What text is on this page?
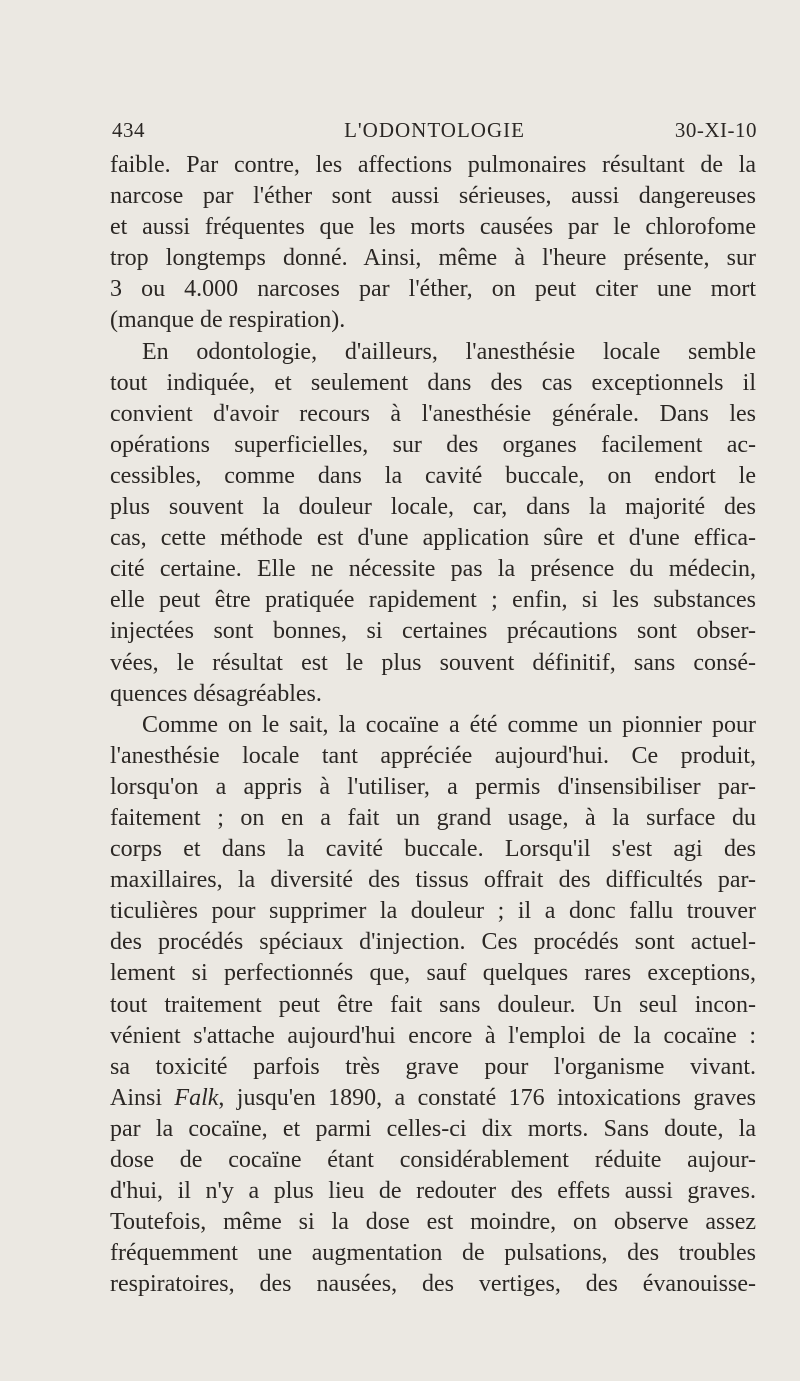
434	L'ODONTOLOGIE	30-XI-10
faible. Par contre, les affections pulmonaires résultant de la
narcose par l'éther sont aussi sérieuses, aussi dangereuses
et aussi fréquentes que les morts causées par le chlorofome
trop longtemps donné. Ainsi, même à l'heure présente, sur
3 ou 4.000 narcoses par l'éther, on peut citer une mort
(manque de respiration).
En odontologie, d'ailleurs, l'anesthésie locale semble
tout indiquée, et seulement dans des cas exceptionnels il
convient d'avoir recours à l'anesthésie générale. Dans les
opérations superficielles, sur des organes facilement ac-
cessibles, comme dans la cavité buccale, on endort le
plus souvent la douleur locale, car, dans la majorité des
cas, cette méthode est d'une application sûre et d'une effica-
cité certaine. Elle ne nécessite pas la présence du médecin,
elle peut être pratiquée rapidement ; enfin, si les substances
injectées sont bonnes, si certaines précautions sont obser-
vées, le résultat est le plus souvent définitif, sans consé-
quences désagréables.
Comme on le sait, la cocaïne a été comme un pionnier pour
l'anesthésie locale tant appréciée aujourd'hui. Ce produit,
lorsqu'on a appris à l'utiliser, a permis d'insensibiliser par-
faitement ; on en a fait un grand usage, à la surface du
corps et dans la cavité buccale. Lorsqu'il s'est agi des
maxillaires, la diversité des tissus offrait des difficultés par-
ticulières pour supprimer la douleur ; il a donc fallu trouver
des procédés spéciaux d'injection. Ces procédés sont actuel-
lement si perfectionnés que, sauf quelques rares exceptions,
tout traitement peut être fait sans douleur. Un seul incon-
vénient s'attache aujourd'hui encore à l'emploi de la cocaïne :
sa toxicité parfois très grave pour l'organisme vivant.
Ainsi Falk, jusqu'en 1890, a constaté 176 intoxications graves
par la cocaïne, et parmi celles-ci dix morts. Sans doute, la
dose de cocaïne étant considérablement réduite aujour-
d'hui, il n'y a plus lieu de redouter des effets aussi graves.
Toutefois, même si la dose est moindre, on observe assez
fréquemment une augmentation de pulsations, des troubles
respiratoires, des nausées, des vertiges, des évanouisse-
